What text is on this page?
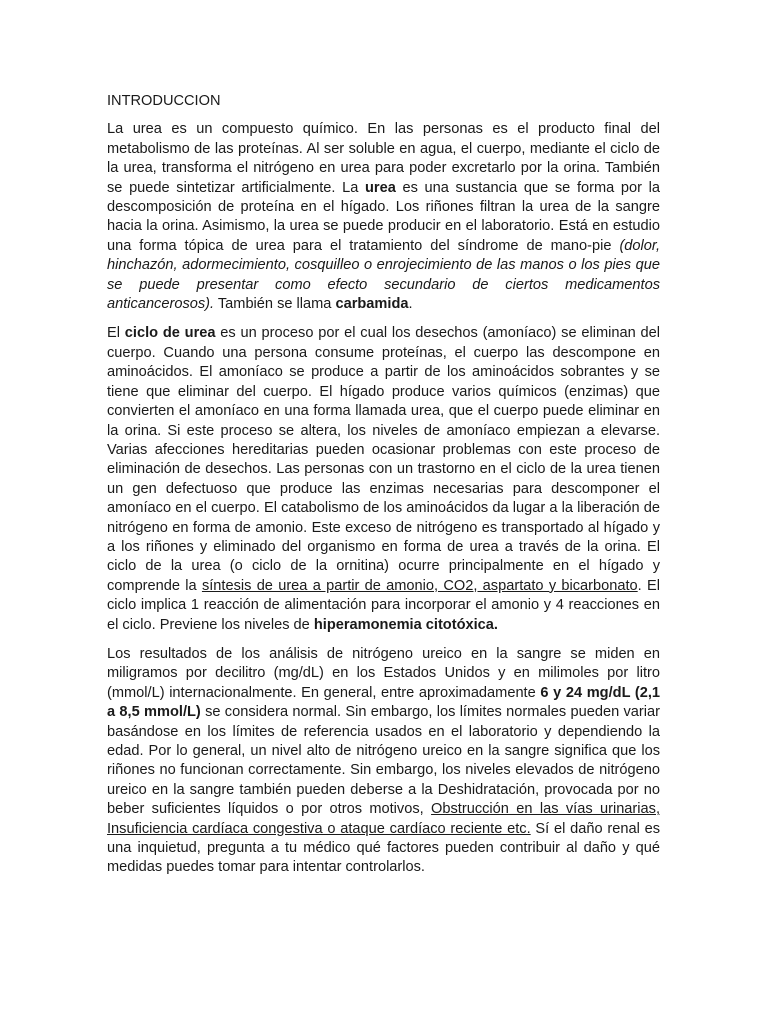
INTRODUCCION

La urea es un compuesto químico. En las personas es el producto final del metabolismo de las proteínas. Al ser soluble en agua, el cuerpo, mediante el ciclo de la urea, transforma el nitrógeno en urea para poder excretarlo por la orina. También se puede sintetizar artificialmente. La urea es una sustancia que se forma por la descomposición de proteína en el hígado. Los riñones filtran la urea de la sangre hacia la orina. Asimismo, la urea se puede producir en el laboratorio. Está en estudio una forma tópica de urea para el tratamiento del síndrome de mano-pie (dolor, hinchazón, adormecimiento, cosquilleo o enrojecimiento de las manos o los pies que se puede presentar como efecto secundario de ciertos medicamentos anticancerosos). También se llama carbamida.

El ciclo de urea es un proceso por el cual los desechos (amoníaco) se eliminan del cuerpo. Cuando una persona consume proteínas, el cuerpo las descompone en aminoácidos. El amoníaco se produce a partir de los aminoácidos sobrantes y se tiene que eliminar del cuerpo. El hígado produce varios químicos (enzimas) que convierten el amoníaco en una forma llamada urea, que el cuerpo puede eliminar en la orina. Si este proceso se altera, los niveles de amoníaco empiezan a elevarse. Varias afecciones hereditarias pueden ocasionar problemas con este proceso de eliminación de desechos. Las personas con un trastorno en el ciclo de la urea tienen un gen defectuoso que produce las enzimas necesarias para descomponer el amoníaco en el cuerpo. El catabolismo de los aminoácidos da lugar a la liberación de nitrógeno en forma de amonio. Este exceso de nitrógeno es transportado al hígado y a los riñones y eliminado del organismo en forma de urea a través de la orina. El ciclo de la urea (o ciclo de la ornitina) ocurre principalmente en el hígado y comprende la síntesis de urea a partir de amonio, CO2, aspartato y bicarbonato. El ciclo implica 1 reacción de alimentación para incorporar el amonio y 4 reacciones en el ciclo. Previene los niveles de hiperamonemia citotóxica.

Los resultados de los análisis de nitrógeno ureico en la sangre se miden en miligramos por decilitro (mg/dL) en los Estados Unidos y en milimoles por litro (mmol/L) internacionalmente. En general, entre aproximadamente 6 y 24 mg/dL (2,1 a 8,5 mmol/L) se considera normal. Sin embargo, los límites normales pueden variar basándose en los límites de referencia usados en el laboratorio y dependiendo la edad. Por lo general, un nivel alto de nitrógeno ureico en la sangre significa que los riñones no funcionan correctamente. Sin embargo, los niveles elevados de nitrógeno ureico en la sangre también pueden deberse a la Deshidratación, provocada por no beber suficientes líquidos o por otros motivos, Obstrucción en las vías urinarias, Insuficiencia cardíaca congestiva o ataque cardíaco reciente etc. Sí el daño renal es una inquietud, pregunta a tu médico qué factores pueden contribuir al daño y qué medidas puedes tomar para intentar controlarlos.
